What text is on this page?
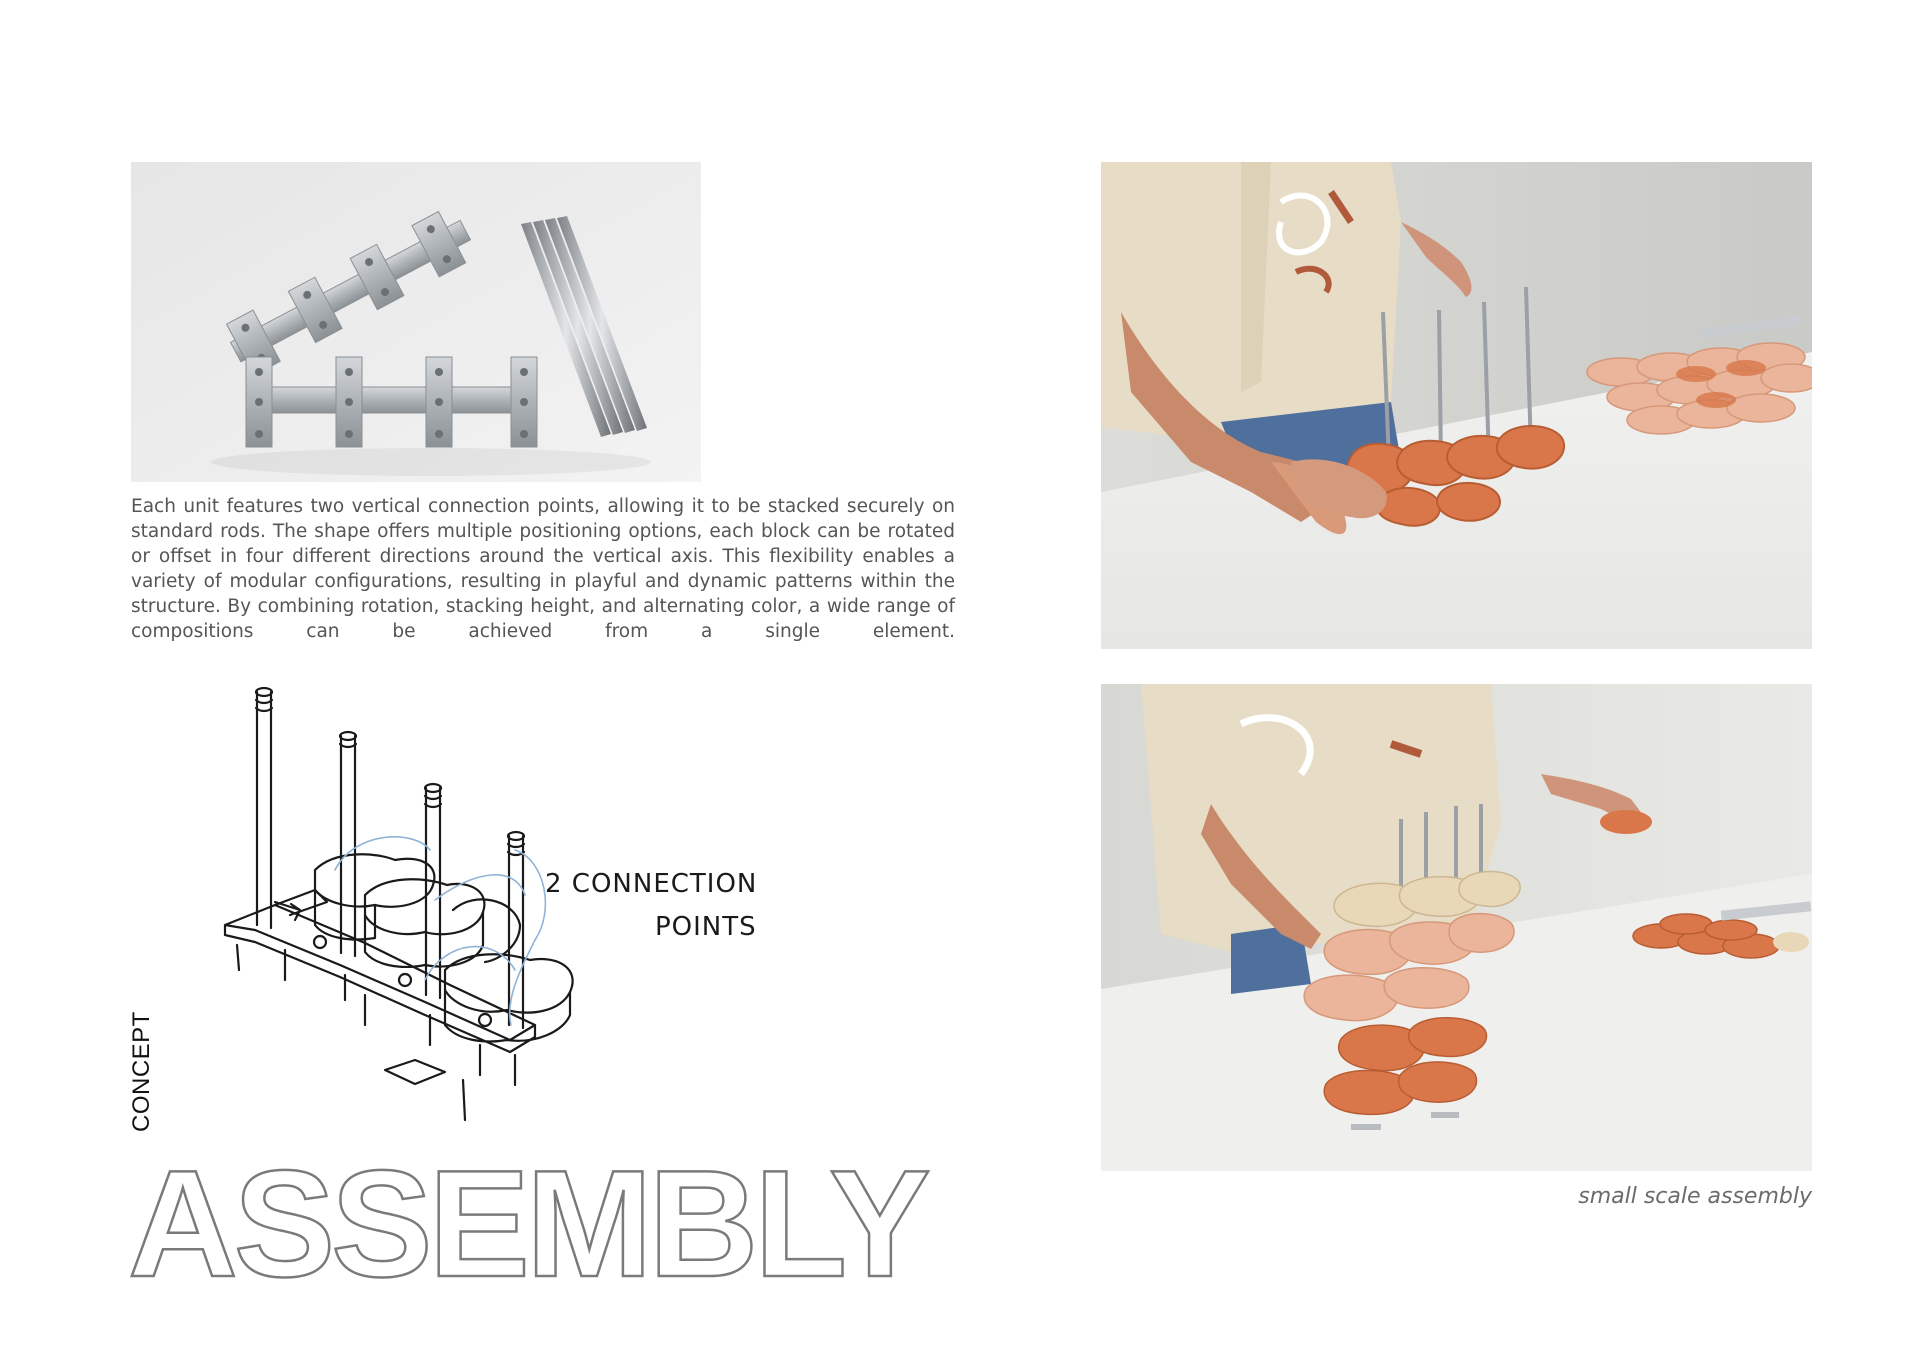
Each unit features two vertical connection points, allowing it to be stacked securely on standard rods. The shape offers multiple positioning options, each block can be rotated or offset in four different directions around the vertical axis. This flexibility enables a variety of modular configurations, resulting in playful and dynamic patterns within the structure. By combining rotation, stacking height, and alternating color, a wide range of compositions can be achieved from a single element.

2 CONNECTION
POINTS
CONCEPT
ASSEMBLY	small scale assembly
